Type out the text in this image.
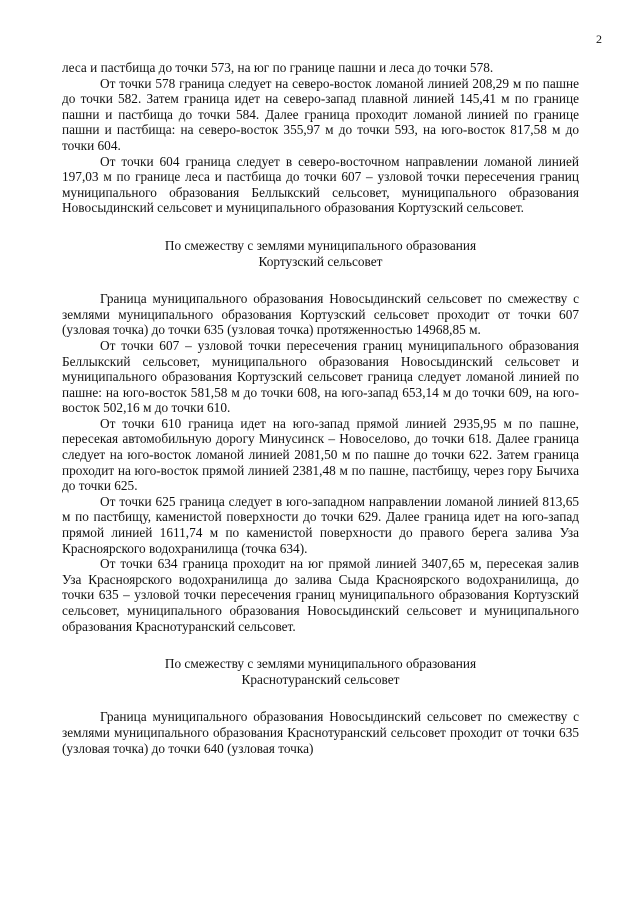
2

леса и пастбища до точки 573, на юг по границе пашни и леса до точки 578.

От точки 578 граница следует на северо-восток ломаной линией 208,29 м по пашне до точки 582. Затем граница идет на северо-запад плавной линией 145,41 м по границе пашни и пастбища до точки 584. Далее граница проходит ломаной линией по границе пашни и пастбища: на северо-восток 355,97 м до точки 593, на юго-восток 817,58 м до точки 604.

От точки 604 граница следует в северо-восточном направлении ломаной линией 197,03 м по границе леса и пастбища до точки 607 – узловой точки пересечения границ муниципального образования Беллыкский сельсовет, муниципального образования Новосыдинский сельсовет и муниципального образования Кортузский сельсовет.

По смежеству с землями муниципального образования

Кортузский сельсовет

Граница муниципального образования Новосыдинский сельсовет по смежеству с землями муниципального образования Кортузский сельсовет проходит от точки 607 (узловая точка) до точки 635 (узловая точка) протяженностью 14968,85 м.

От точки 607 – узловой точки пересечения границ муниципального образования Беллыкский сельсовет, муниципального образования Новосыдинский сельсовет и муниципального образования Кортузский сельсовет граница следует ломаной линией по пашне: на юго-восток 581,58 м до точки 608, на юго-запад 653,14 м до точки 609, на юго-восток 502,16 м до точки 610.

От точки 610 граница идет на юго-запад прямой линией 2935,95 м по пашне, пересекая автомобильную дорогу Минусинск – Новоселово, до точки 618. Далее граница следует на юго-восток ломаной линией 2081,50 м по пашне до точки 622. Затем граница проходит на юго-восток прямой линией 2381,48 м по пашне, пастбищу, через гору Бычиха до точки 625.

От точки 625 граница следует в юго-западном направлении ломаной линией 813,65 м по пастбищу, каменистой поверхности до точки 629. Далее граница идет на юго-запад прямой линией 1611,74 м по каменистой поверхности до правого берега залива Уза Красноярского водохранилища (точка 634).

От точки 634 граница проходит на юг прямой линией 3407,65 м, пересекая залив Уза Красноярского водохранилища до залива Сыда Красноярского водохранилища, до точки 635 – узловой точки пересечения границ муниципального образования Кортузский сельсовет, муниципального образования Новосыдинский сельсовет и муниципального образования Краснотуранский сельсовет.

По смежеству с землями муниципального образования

Краснотуранский сельсовет

Граница муниципального образования Новосыдинский сельсовет по смежеству с землями муниципального образования Краснотуранский сельсовет проходит от точки 635 (узловая точка) до точки 640 (узловая точка)
